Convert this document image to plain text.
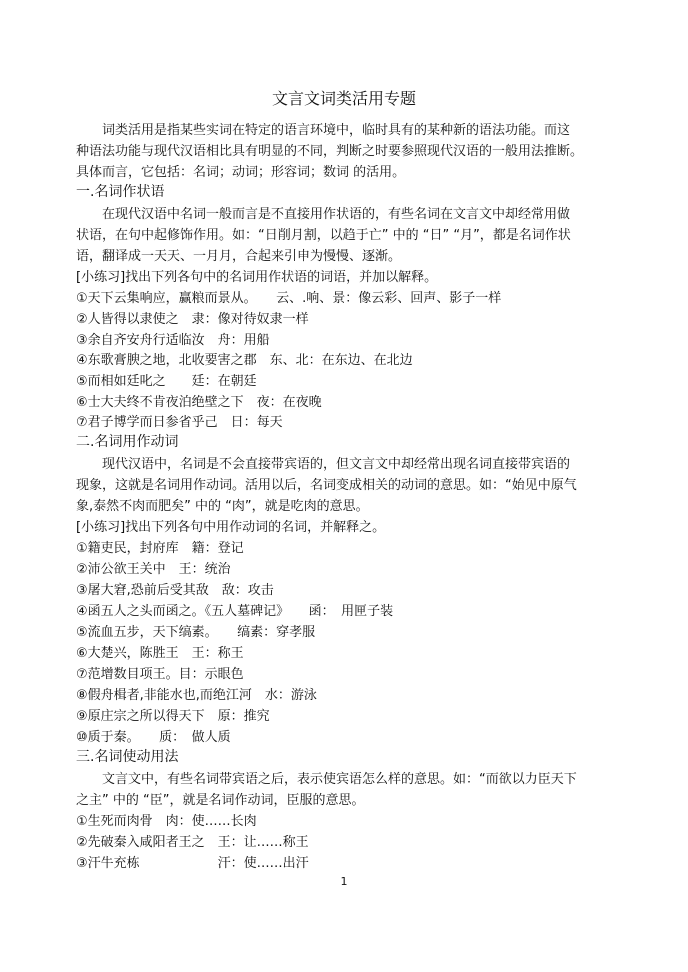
文言文词类活用专题
　　词类活用是指某些实词在特定的语言环境中，临时具有的某种新的语法功能。而这
种语法功能与现代汉语相比具有明显的不同，判断之时要参照现代汉语的一般用法推断。
具体而言，它包括：名词；动词；形容词；数词 的活用。
一.名词作状语
　　在现代汉语中名词一般而言是不直接用作状语的，有些名词在文言文中却经常用做
状语，在句中起修饰作用。如：“日削月割，以趋于亡” 中的 “日” “月”，都是名词作状
语，翻译成一天天、一月月，合起来引申为慢慢、逐渐。
[小练习]找出下列各句中的名词用作状语的词语，并加以解释。
①天下云集响应，赢粮而景从。　　云、.响、景：像云彩、回声、影子一样
②人皆得以隶使之　隶：像对待奴隶一样
③余自齐安舟行适临汝　舟：用船
④东歌膏腴之地，北收要害之郡　东、北：在东边、在北边
⑤而相如廷叱之　　廷：在朝廷
⑥士大夫终不肯夜泊绝壁之下　夜：在夜晚
⑦君子博学而日参省乎己　日：每天
二.名词用作动词
　　现代汉语中，名词是不会直接带宾语的，但文言文中却经常出现名词直接带宾语的
现象，这就是名词用作动词。活用以后，名词变成相关的动词的意思。如：“始见中原气
象,泰然不肉而肥矣” 中的 “肉”，就是吃肉的意思。
[小练习]找出下列各句中用作动词的名词，并解释之。
①籍吏民，封府库　籍：登记
②沛公欲王关中　王：统治
③屠大窘,恐前后受其敌　敌：攻击
④函五人之头而函之。《五人墓碑记》　　函：　用匣子装
⑤流血五步，天下缟素。　　缟素：穿孝服
⑥大楚兴，陈胜王　王：称王
⑦范增数目项王。目：示眼色
⑧假舟楫者,非能水也,而绝江河　水：游泳
⑨原庄宗之所以得天下　原：推究
⑩质于秦。　　质：　做人质
三.名词使动用法
　　文言文中，有些名词带宾语之后，表示使宾语怎么样的意思。如：“而欲以力臣天下
之主” 中的 “臣”，就是名词作动词，臣服的意思。
①生死而肉骨　肉：使……长肉
②先破秦入咸阳者王之　王：让……称王
③汗牛充栋　　　　　　汗：使……出汗
1
